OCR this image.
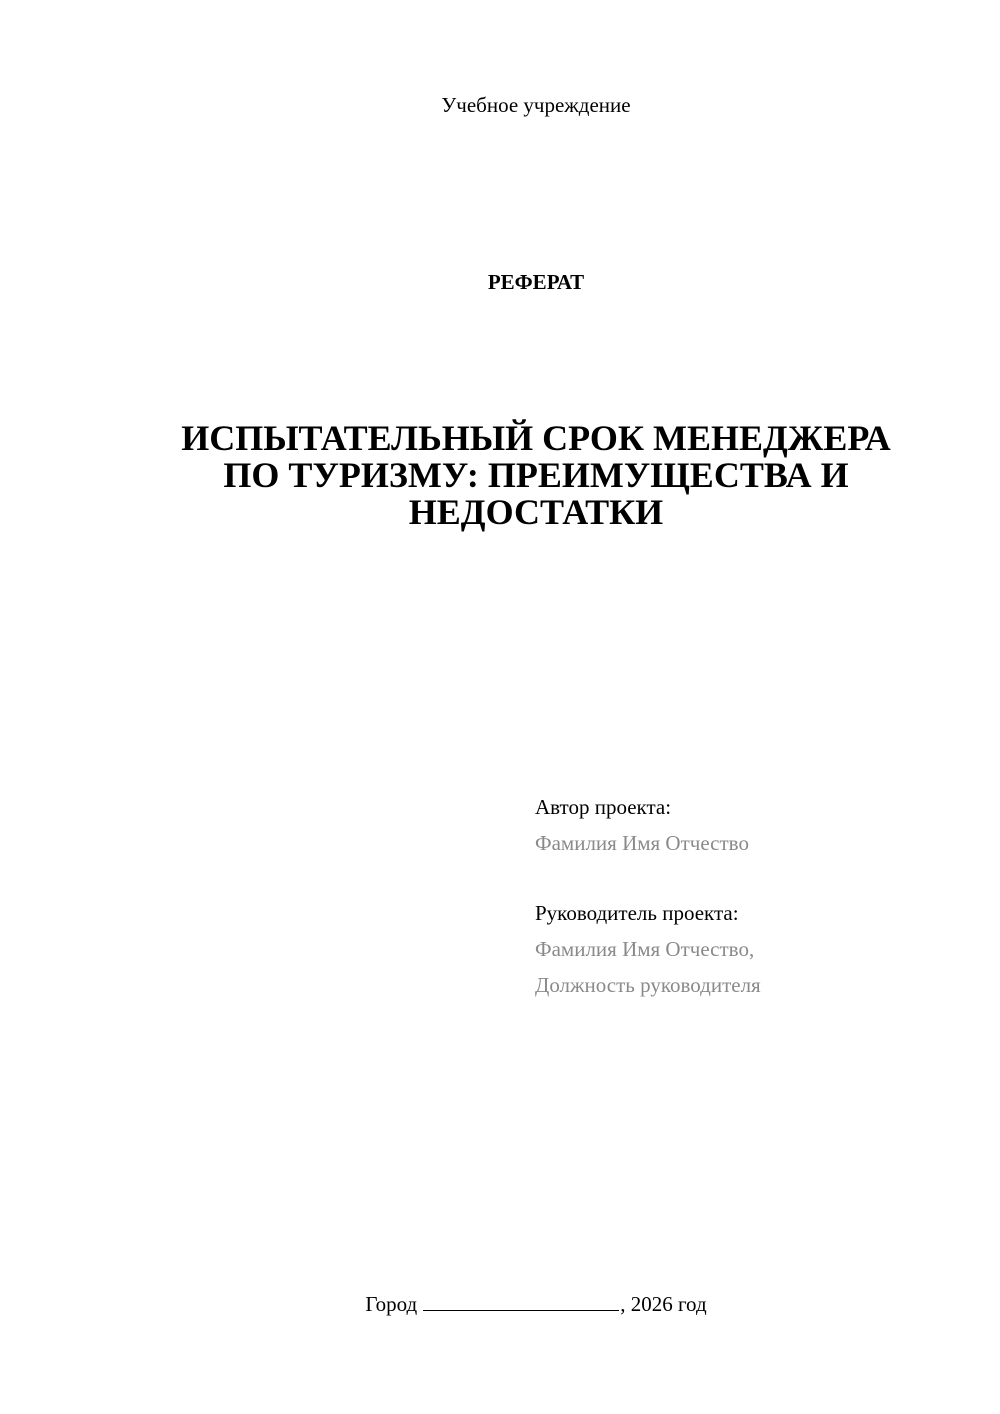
Учебное учреждение
РЕФЕРАТ
ИСПЫТАТЕЛЬНЫЙ СРОК МЕНЕДЖЕРА
ПО ТУРИЗМУ: ПРЕИМУЩЕСТВА И
НЕДОСТАТКИ
Автор проекта:
Фамилия Имя Отчество
Руководитель проекта:
Фамилия Имя Отчество,
Должность руководителя
Город	, 2026 год
